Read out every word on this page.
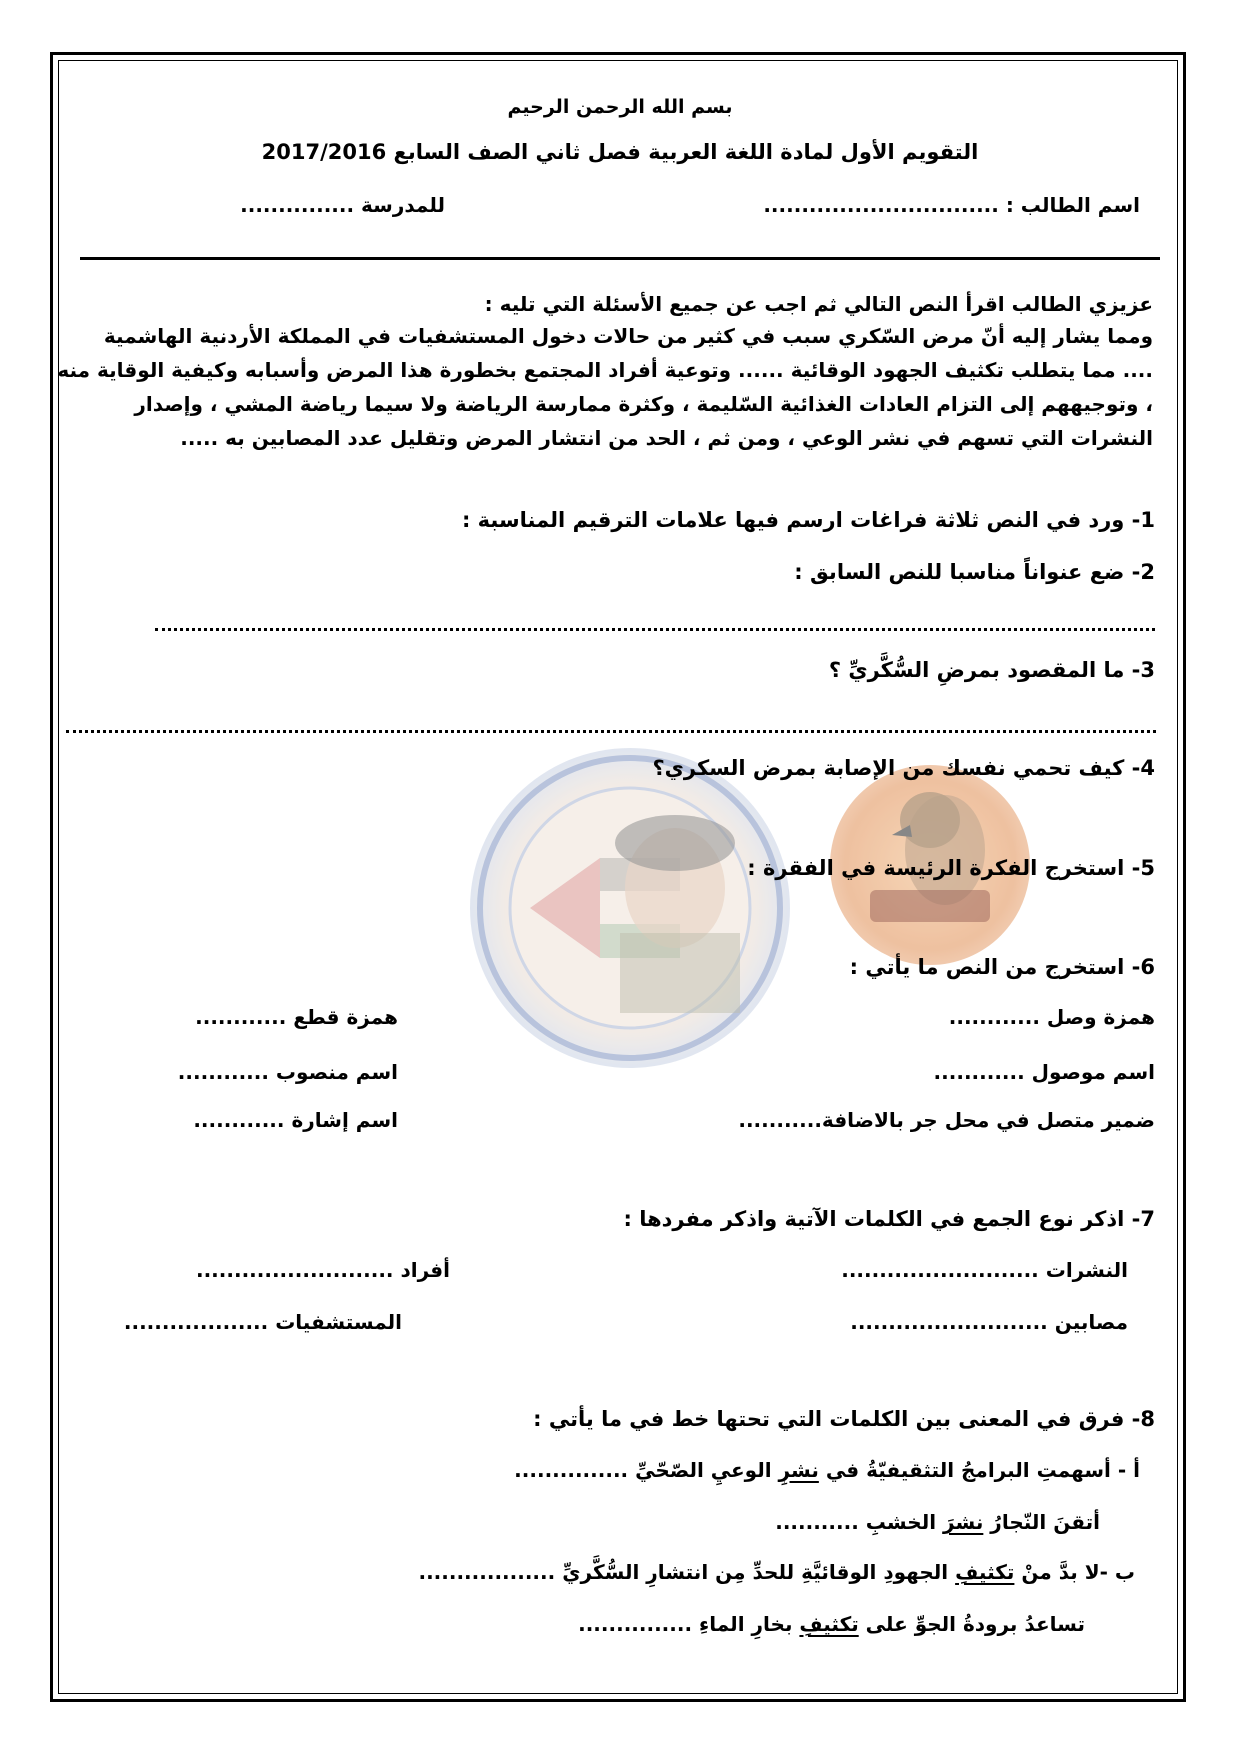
بسم الله الرحمن الرحيم
التقويم الأول لمادة اللغة العربية فصل ثاني الصف السابع 2017/2016
اسم الطالب : ...............................
للمدرسة ...............
عزيزي الطالب اقرأ النص التالي ثم اجب عن جميع الأسئلة التي تليه :
ومما يشار إليه أنّ مرض السّكري سبب في كثير من حالات دخول المستشفيات في المملكة الأردنية الهاشمية
.... مما يتطلب تكثيف الجهود الوقائية ...... وتوعية أفراد المجتمع بخطورة هذا المرض وأسبابه وكيفية الوقاية منه
، وتوجيههم إلى التزام العادات الغذائية السّليمة ، وكثرة ممارسة الرياضة ولا سيما رياضة المشي ، وإصدار
النشرات التي تسهم في نشر الوعي ، ومن ثم ، الحد من انتشار المرض وتقليل عدد المصابين به .....
1- ورد في النص ثلاثة فراغات ارسم فيها علامات الترقيم المناسبة :
2- ضع عنواناً مناسبا للنص السابق :
3- ما المقصود بمرضِ السُّكَّريِّ ؟
4- كيف تحمي نفسك من الإصابة بمرض السكري؟
5- استخرج الفكرة الرئيسة في الفقرة :
6- استخرج من النص ما يأتي :
همزة وصل ............
همزة قطع ............
اسم موصول ............
اسم منصوب ............
ضمير متصل في محل جر بالاضافة...........
اسم إشارة ............
7- اذكر نوع الجمع في الكلمات الآتية واذكر مفردها :
النشرات ..........................
أفراد ..........................
مصابين ..........................
المستشفيات ...................
8- فرق في المعنى بين الكلمات التي تحتها خط في ما يأتي :
أ - أسهمتِ البرامجُ التثقيفيّةُ في نشرِ الوعيِ الصّحّيِّ ...............
أتقنَ النّجارُ نشرَ الخشبِ ...........
ب -لا بدَّ منْ تكثيفِ الجهودِ الوقائيَّةِ للحدِّ مِن انتشارِ السُّكَّريِّ ..................
تساعدُ برودةُ الجوِّ على تكثيفِ بخارِ الماءِ ...............
